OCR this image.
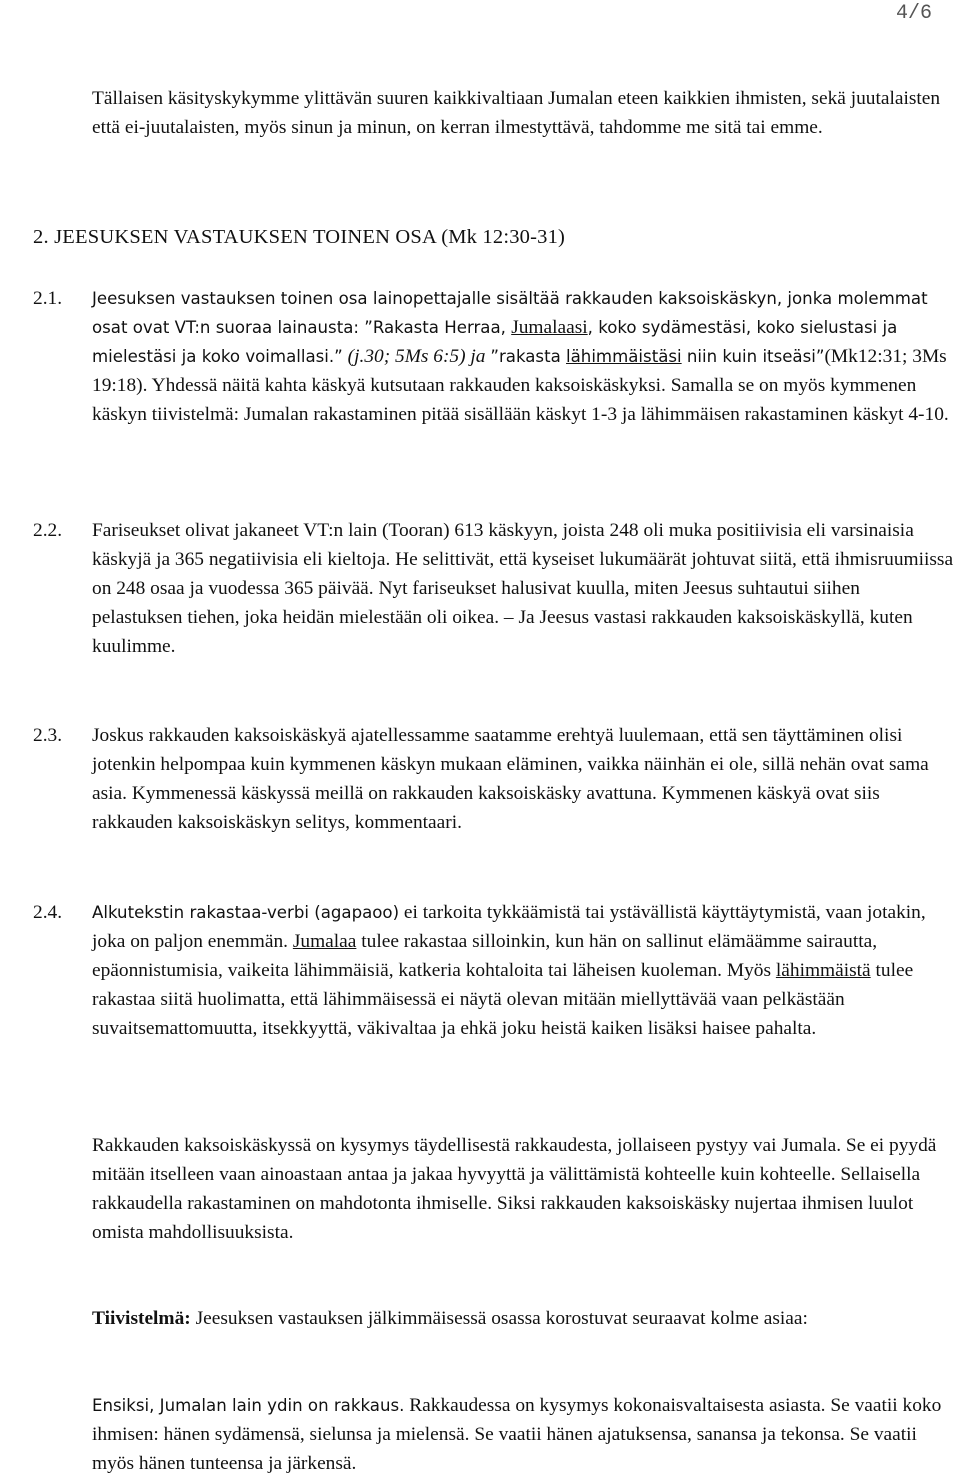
4/6
Tällaisen käsityskykymme ylittävän suuren kaikkivaltiaan Jumalan eteen kaikkien ihmisten, sekä juutalaisten että ei-juutalaisten, myös sinun ja minun, on kerran ilmestyttävä, tahdomme me sitä tai emme.
2. JEESUKSEN VASTAUKSEN TOINEN OSA (Mk 12:30-31)
2.1. Jeesuksen vastauksen toinen osa lainopettajalle sisältää rakkauden kaksoiskäskyn, jonka molemmat osat ovat VT:n suoraa lainausta: ”Rakasta Herraa, Jumalaasi, koko sydämestäsi, koko sielustasi ja mielestäsi ja koko voimallasi.” (j.30; 5Ms 6:5) ja ”rakasta lähimmäistäsi niin kuin itseäsi”(Mk12:31; 3Ms 19:18). Yhdessä näitä kahta käskyä kutsutaan rakkauden kaksoiskäskyksi. Samalla se on myös kymmenen käskyn tiivistelmä: Jumalan rakastaminen pitää sisällään käskyt 1-3 ja lähimmäisen rakastaminen käskyt 4-10.
2.2. Fariseukset olivat jakaneet VT:n lain (Tooran) 613 käskyyn, joista 248 oli muka positiivisia eli varsinaisia käskyjä ja 365 negatiivisia eli kieltoja. He selittivät, että kyseiset lukumäärät johtuvat siitä, että ihmisruumiissa on 248 osaa ja vuodessa 365 päivää. Nyt fariseukset halusivat kuulla, miten Jeesus suhtautui siihen pelastuksen tiehen, joka heidän mielestään oli oikea. – Ja Jeesus vastasi rakkauden kaksoiskäskyllä, kuten kuulimme.
2.3. Joskus rakkauden kaksoiskäskyä ajatellessamme saatamme erehtyä luulemaan, että sen täyttäminen olisi jotenkin helpompaa kuin kymmenen käskyn mukaan eläminen, vaikka näinhän ei ole, sillä nehän ovat sama asia. Kymmenessä käskyssä meillä on rakkauden kaksoiskäsky avattuna. Kymmenen käskyä ovat siis rakkauden kaksoiskäskyn selitys, kommentaari.
2.4. Alkutekstin rakastaa-verbi (agapaoo) ei tarkoita tykkäämistä tai ystävällistä käyttäytymistä, vaan jotakin, joka on paljon enemmän. Jumalaa tulee rakastaa silloinkin, kun hän on sallinut elämäämme sairautta, epäonnistumisia, vaikeita lähimmäisiä, katkeria kohtaloita tai läheisen kuoleman. Myös lähimmäistä tulee rakastaa siitä huolimatta, että lähimmäisessä ei näytä olevan mitään miellyttävää vaan pelkästään suvaitsemattomuutta, itsekkyyttä, väkivaltaa ja ehkä joku heistä kaiken lisäksi haisee pahalta.
Rakkauden kaksoiskäskyssä on kysymys täydellisestä rakkaudesta, jollaiseen pystyy vai Jumala. Se ei pyydä mitään itselleen vaan ainoastaan antaa ja jakaa hyvyyttä ja välittämistä kohteelle kuin kohteelle. Sellaisella rakkaudella rakastaminen on mahdotonta ihmiselle. Siksi rakkauden kaksoiskäsky nujertaa ihmisen luulot omista mahdollisuuksista.
Tiivistelmä: Jeesuksen vastauksen jälkimmäisessä osassa korostuvat seuraavat kolme asiaa:
Ensiksi, Jumalan lain ydin on rakkaus. Rakkaudessa on kysymys kokonaisvaltaisesta asiasta. Se vaatii koko ihmisen: hänen sydämensä, sielunsa ja mielensä. Se vaatii hänen ajatuksensa, sanansa ja tekonsa. Se vaatii myös hänen tunteensa ja järkensä.
